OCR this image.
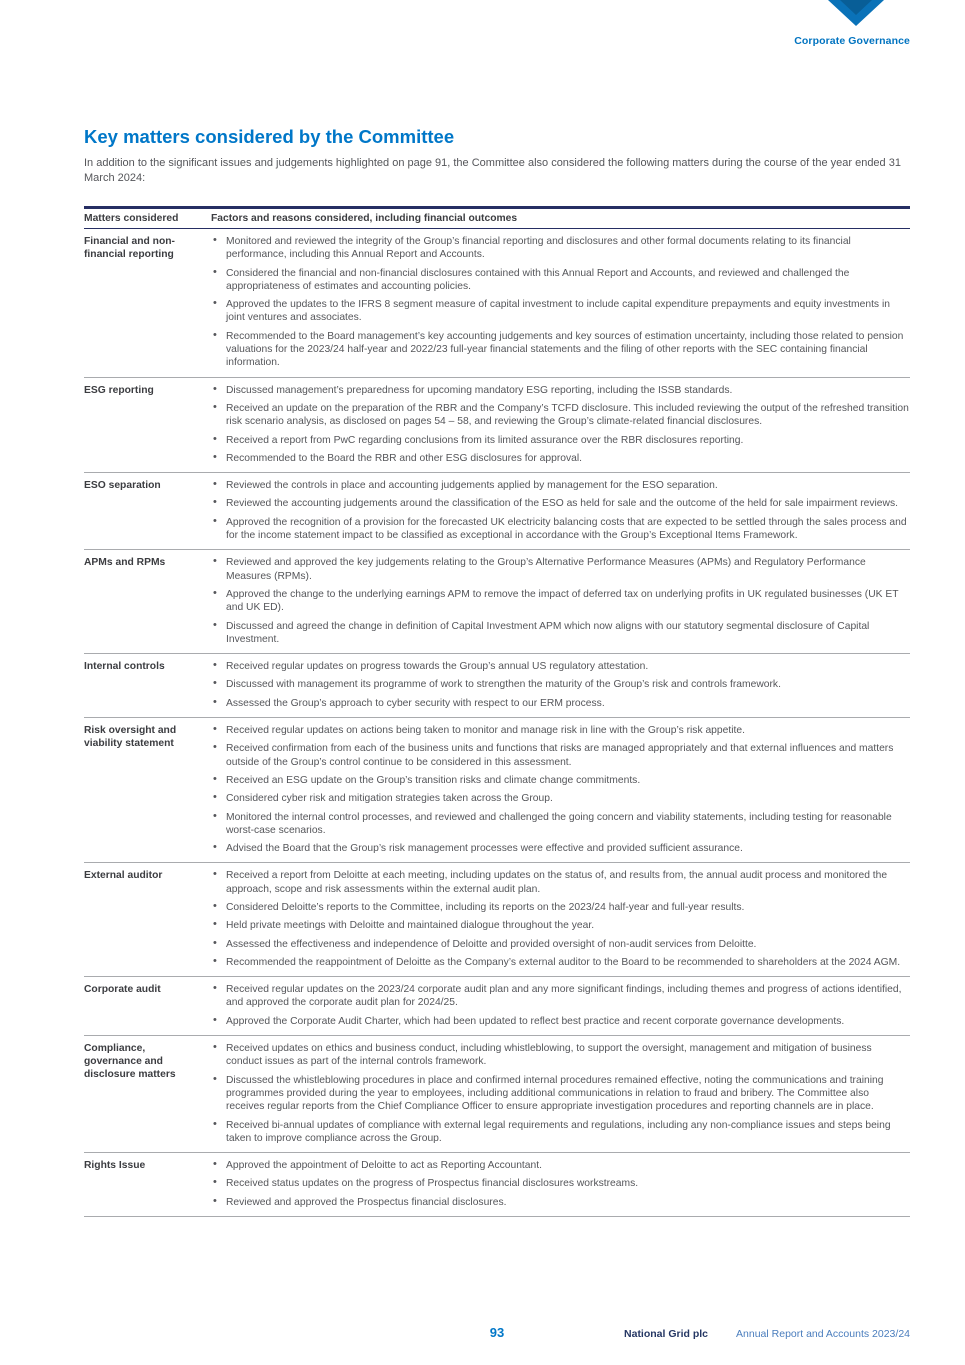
Corporate Governance
Key matters considered by the Committee

In addition to the significant issues and judgements highlighted on page 91, the Committee also considered the following matters during the course of the year ended 31 March 2024:

Matters considered	Factors and reasons considered, including financial outcomes
Financial and non-financial reporting
• Monitored and reviewed the integrity of the Group’s financial reporting and disclosures and other formal documents relating to its financial performance, including this Annual Report and Accounts.
• Considered the financial and non-financial disclosures contained with this Annual Report and Accounts, and reviewed and challenged the appropriateness of estimates and accounting policies.
• Approved the updates to the IFRS 8 segment measure of capital investment to include capital expenditure prepayments and equity investments in joint ventures and associates.
• Recommended to the Board management’s key accounting judgements and key sources of estimation uncertainty, including those related to pension valuations for the 2023/24 half-year and 2022/23 full-year financial statements and the filing of other reports with the SEC containing financial information.
ESG reporting	• Discussed management’s preparedness for upcoming mandatory ESG reporting, including the ISSB standards.
• Received an update on the preparation of the RBR and the Company’s TCFD disclosure. This included reviewing the output of the refreshed transition risk scenario analysis, as disclosed on pages 54 – 58, and reviewing the Group’s climate-related financial disclosures.
• Received a report from PwC regarding conclusions from its limited assurance over the RBR disclosures reporting.
• Recommended to the Board the RBR and other ESG disclosures for approval.
ESO separation	• Reviewed the controls in place and accounting judgements applied by management for the ESO separation.
• Reviewed the accounting judgements around the classification of the ESO as held for sale and the outcome of the held for sale impairment reviews.
• Approved the recognition of a provision for the forecasted UK electricity balancing costs that are expected to be settled through the sales process and for the income statement impact to be classified as exceptional in accordance with the Group’s Exceptional Items Framework.
APMs and RPMs	• Reviewed and approved the key judgements relating to the Group’s Alternative Performance Measures (APMs) and Regulatory Performance Measures (RPMs).
• Approved the change to the underlying earnings APM to remove the impact of deferred tax on underlying profits in UK regulated businesses (UK ET and UK ED).
• Discussed and agreed the change in definition of Capital Investment APM which now aligns with our statutory segmental disclosure of Capital Investment.
Internal controls	• Received regular updates on progress towards the Group’s annual US regulatory attestation.
• Discussed with management its programme of work to strengthen the maturity of the Group’s risk and controls framework.
• Assessed the Group’s approach to cyber security with respect to our ERM process.
Risk oversight and viability statement
• Received regular updates on actions being taken to monitor and manage risk in line with the Group’s risk appetite.
• Received confirmation from each of the business units and functions that risks are managed appropriately and that external influences and matters outside of the Group’s control continue to be considered in this assessment.
• Received an ESG update on the Group’s transition risks and climate change commitments.
• Considered cyber risk and mitigation strategies taken across the Group.
• Monitored the internal control processes, and reviewed and challenged the going concern and viability statements, including testing for reasonable worst-case scenarios.
• Advised the Board that the Group’s risk management processes were effective and provided sufficient assurance.
External auditor	• Received a report from Deloitte at each meeting, including updates on the status of, and results from, the annual audit process and monitored the approach, scope and risk assessments within the external audit plan.
• Considered Deloitte’s reports to the Committee, including its reports on the 2023/24 half-year and full-year results.
• Held private meetings with Deloitte and maintained dialogue throughout the year.
• Assessed the effectiveness and independence of Deloitte and provided oversight of non-audit services from Deloitte.
• Recommended the reappointment of Deloitte as the Company’s external auditor to the Board to be recommended to shareholders at the 2024 AGM.
Corporate audit	• Received regular updates on the 2023/24 corporate audit plan and any more significant findings, including themes and progress of actions identified, and approved the corporate audit plan for 2024/25.
• Approved the Corporate Audit Charter, which had been updated to reflect best practice and recent corporate governance developments.
Compliance, governance and disclosure matters
• Received updates on ethics and business conduct, including whistleblowing, to support the oversight, management and mitigation of business conduct issues as part of the internal controls framework.
• Discussed the whistleblowing procedures in place and confirmed internal procedures remained effective, noting the communications and training programmes provided during the year to employees, including additional communications in relation to fraud and bribery. The Committee also receives regular reports from the Chief Compliance Officer to ensure appropriate investigation procedures and reporting channels are in place.
• Received bi-annual updates of compliance with external legal requirements and regulations, including any non-compliance issues and steps being taken to improve compliance across the Group.
Rights Issue	• Approved the appointment of Deloitte to act as Reporting Accountant.
• Received status updates on the progress of Prospectus financial disclosures workstreams.
• Reviewed and approved the Prospectus financial disclosures.
93	National Grid plc	Annual Report and Accounts 2023/24
